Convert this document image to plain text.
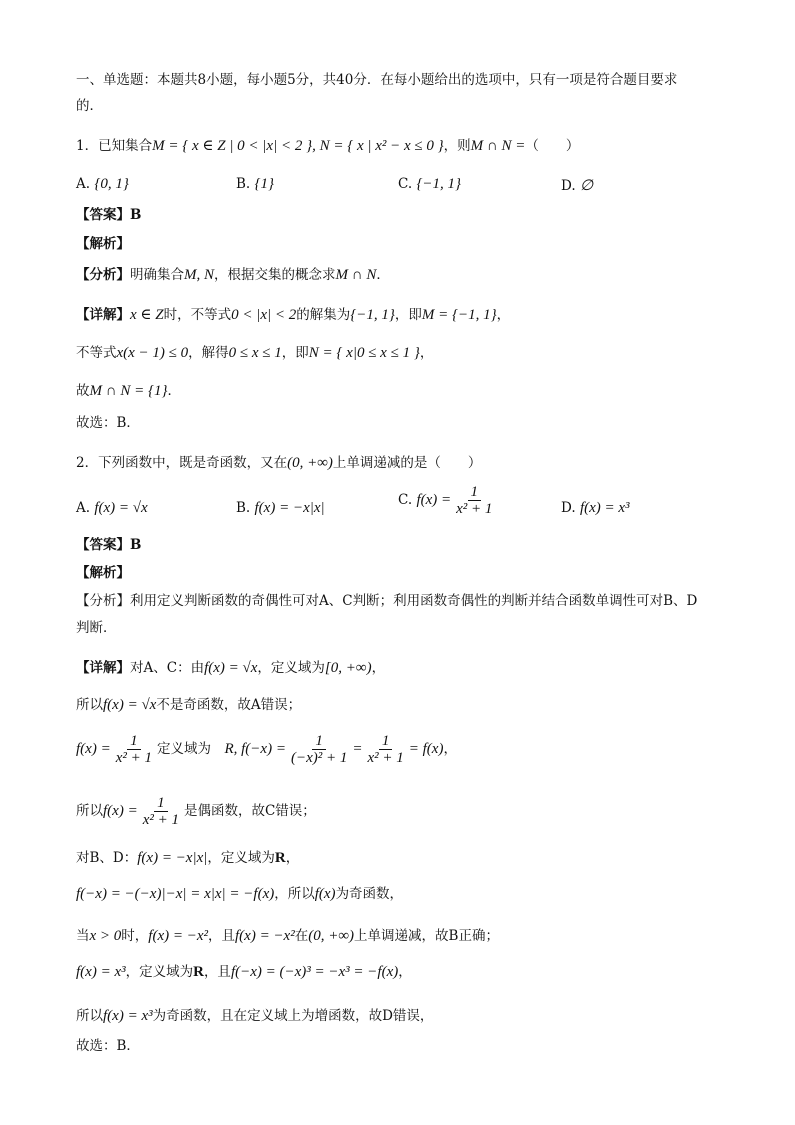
一、单选题：本题共8小题，每小题5分，共40分．在每小题给出的选项中，只有一项是符合题目要求
的．
1．已知集合M = { x ∈ Z | 0 < |x| < 2 }, N = { x | x² − x ≤ 0 }，则M ∩ N =（　　）
A. {0, 1}	B. {1}	C. {−1, 1}	D. ∅
【答案】B
【解析】
【分析】明确集合M, N，根据交集的概念求M ∩ N．
【详解】x ∈ Z时，不等式0 < |x| < 2的解集为{−1, 1}，即M = {−1, 1}，
不等式x(x − 1) ≤ 0，解得0 ≤ x ≤ 1，即N = { x|0 ≤ x ≤ 1 }，
故M ∩ N = {1}．
故选：B．
2．下列函数中，既是奇函数，又在(0, +∞)上单调递减的是（　　）
A. f(x) = √x	B. f(x) = −x|x|	C. $f(x) = \frac{1}{\text{x² + 1}}$	D. f(x) = x³
【答案】B
【解析】
【分析】利用定义判断函数的奇偶性可对A、C判断；利用函数奇偶性的判断并结合函数单调性可对B、D
判断．
【详解】对A、C：由f(x) = √x，定义域为[0, +∞)，
所以f(x) = √x不是奇函数，故A错误；
$f(x) = \frac{1}{\text{x² + 1}}$ 定义域为　 R, $f(-x) = \frac{1}{\text{(−x)² + 1}} = \frac{1}{\text{x² + 1}} = f(x)$，
所以$f(x) = \frac{1}{\text{x² + 1}}$ 是偶函数，故C错误；
对B、D：f(x) = −x|x|，定义域为R，
f(−x) = −(−x)|−x| = x|x| = −f(x)，所以f(x)为奇函数，
当x > 0时，f(x) = −x²，且f(x) = −x²在(0, +∞)上单调递减，故B正确；
f(x) = x³，定义域为R，且f(−x) = (−x)³ = −x³ = −f(x)，
所以f(x) = x³为奇函数，且在定义域上为增函数，故D错误，
故选：B．
